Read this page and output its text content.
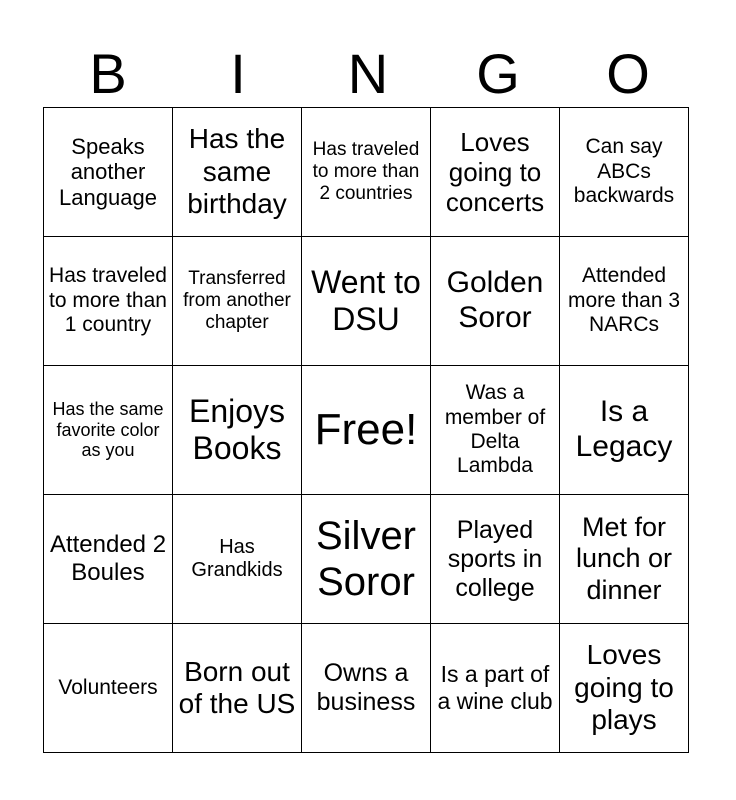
B	I	N	G	O
Speaks another Language	Has the same birthday	Has traveled to more than 2 countries	Loves going to concerts	Can say ABCs backwards

Has traveled to more than 1 country	Transferred from another chapter	Went to DSU	Golden Soror	Attended more than 3 NARCs

Has the same favorite color as you	Enjoys Books	Free!	Was a member of Delta Lambda	Is a Legacy

Attended 2 Boules	Has Grandkids	Silver Soror	Played sports in college	Met for lunch or dinner

Volunteers	Born out of the US	Owns a business	Is a part of a wine club	Loves going to plays
